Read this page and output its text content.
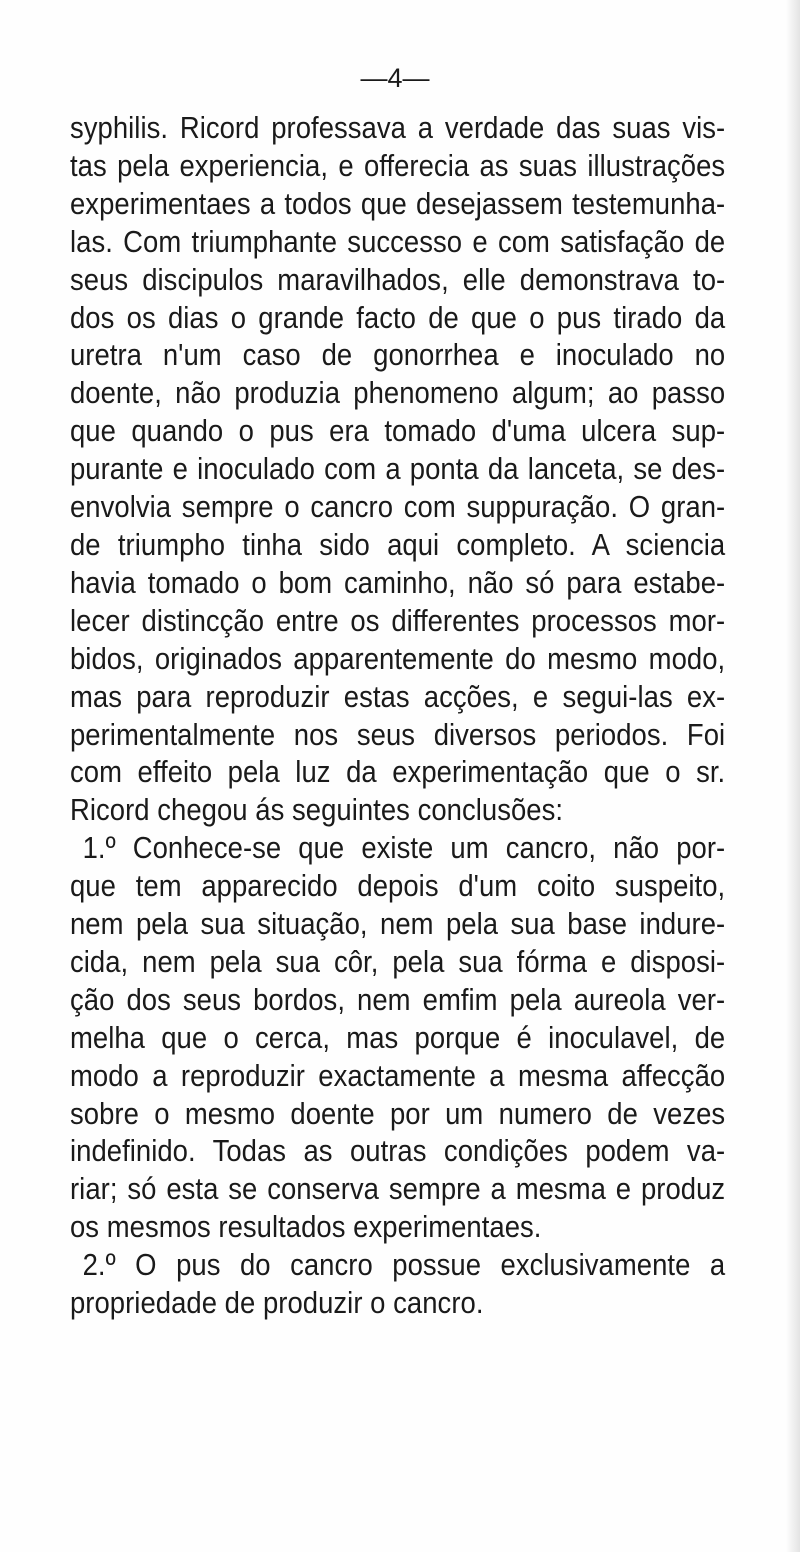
—4—
syphilis. Ricord professava a verdade das suas vis-
tas pela experiencia, e offerecia as suas illustrações
experimentaes a todos que desejassem testemunha-
las. Com triumphante successo e com satisfação de
seus discipulos maravilhados, elle demonstrava to-
dos os dias o grande facto de que o pus tirado da
uretra n'um caso de gonorrhea e inoculado no
doente, não produzia phenomeno algum; ao passo
que quando o pus era tomado d'uma ulcera sup-
purante e inoculado com a ponta da lanceta, se des-
envolvia sempre o cancro com suppuração. O gran-
de triumpho tinha sido aqui completo. A sciencia
havia tomado o bom caminho, não só para estabe-
lecer distincção entre os differentes processos mor-
bidos, originados apparentemente do mesmo modo,
mas para reproduzir estas acções, e segui-las ex-
perimentalmente nos seus diversos periodos. Foi
com effeito pela luz da experimentação que o sr.
Ricord chegou ás seguintes conclusões:
1.º Conhece-se que existe um cancro, não por-
que tem apparecido depois d'um coito suspeito,
nem pela sua situação, nem pela sua base indure-
cida, nem pela sua côr, pela sua fórma e disposi-
ção dos seus bordos, nem emfim pela aureola ver-
melha que o cerca, mas porque é inoculavel, de
modo a reproduzir exactamente a mesma affecção
sobre o mesmo doente por um numero de vezes
indefinido. Todas as outras condições podem va-
riar; só esta se conserva sempre a mesma e produz
os mesmos resultados experimentaes.
2.º O pus do cancro possue exclusivamente a
propriedade de produzir o cancro.
